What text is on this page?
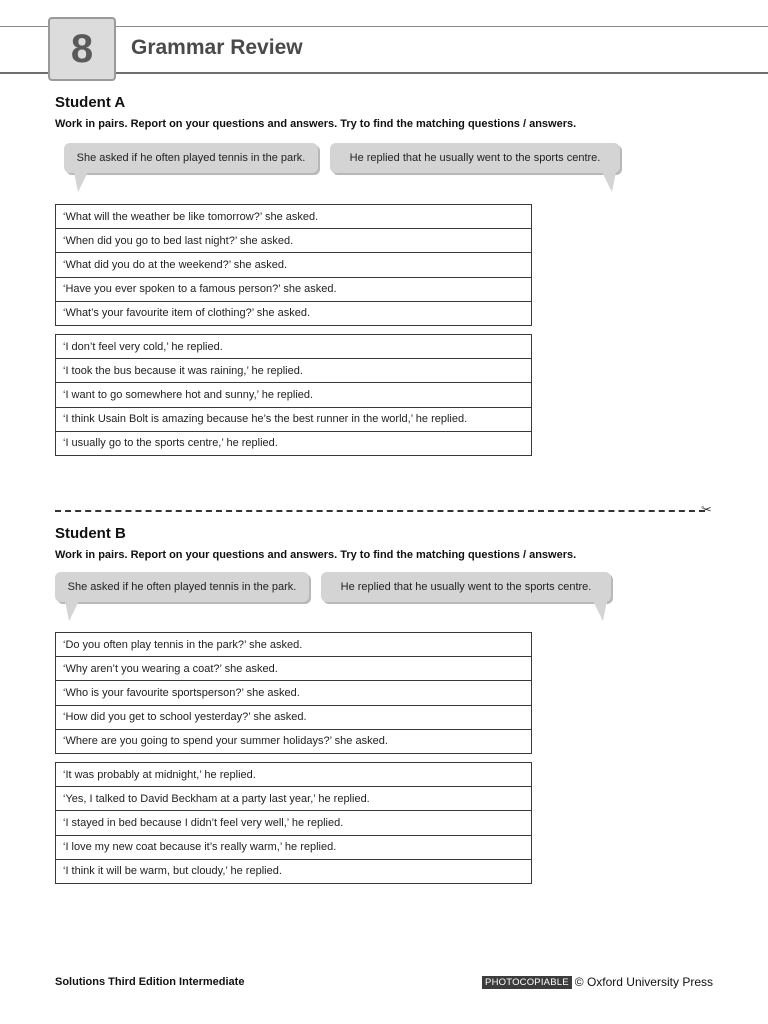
8 Grammar Review
Student A
Work in pairs. Report on your questions and answers. Try to find the matching questions / answers.
She asked if he often played tennis in the park.	He replied that he usually went to the sports centre.
‘What will the weather be like tomorrow?’ she asked.
‘When did you go to bed last night?’ she asked.
‘What did you do at the weekend?’ she asked.
‘Have you ever spoken to a famous person?’ she asked.
‘What’s your favourite item of clothing?’ she asked.
‘I don’t feel very cold,’ he replied.
‘I took the bus because it was raining,’ he replied.
‘I want to go somewhere hot and sunny,’ he replied.
‘I think Usain Bolt is amazing because he’s the best runner in the world,’ he replied.
‘I usually go to the sports centre,’ he replied.
✂
Student B
Work in pairs. Report on your questions and answers. Try to find the matching questions / answers.
She asked if he often played tennis in the park.	He replied that he usually went to the sports centre.
‘Do you often play tennis in the park?’ she asked.
‘Why aren’t you wearing a coat?’ she asked.
‘Who is your favourite sportsperson?’ she asked.
‘How did you get to school yesterday?’ she asked.
‘Where are you going to spend your summer holidays?’ she asked.
‘It was probably at midnight,’ he replied.
‘Yes, I talked to David Beckham at a party last year,’ he replied.
‘I stayed in bed because I didn’t feel very well,’ he replied.
‘I love my new coat because it’s really warm,’ he replied.
‘I think it will be warm, but cloudy,’ he replied.
Solutions Third Edition Intermediate	PHOTOCOPIABLE © Oxford University Press
